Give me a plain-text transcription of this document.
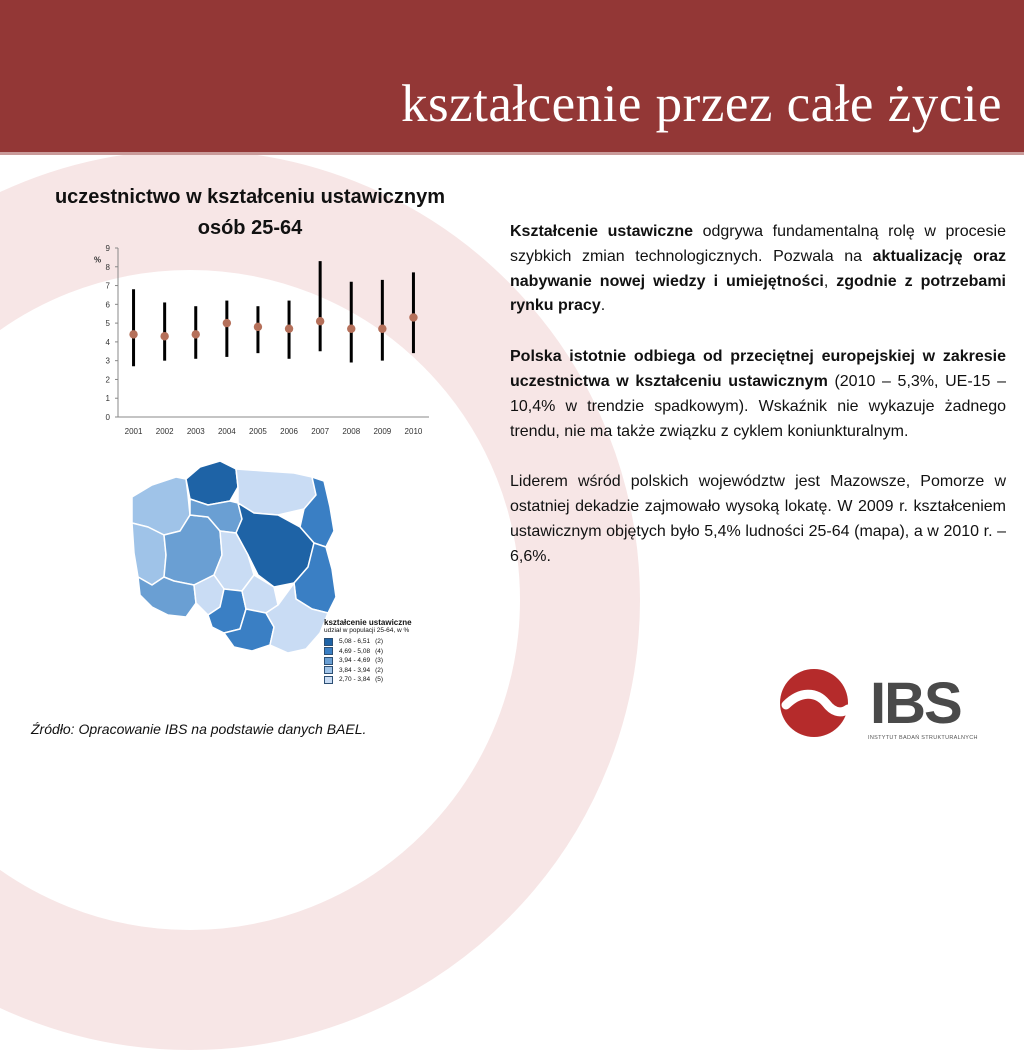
kształcenie przez całe życie
uczestnictwo w kształceniu ustawicznym
osób 25-64
0
1
2
3
4
5
6
7
8
9
%
2001 2002 2003 2004 2005 2006 2007 2008 2009 2010
kształcenie ustawiczne
udział w populacji 25-64, w %
5,08 - 6,51 (2)
4,69 - 5,08 (4)
3,94 - 4,69 (3)
3,84 - 3,94 (2)
2,70 - 3,84 (5)
Źródło: Opracowanie IBS na podstawie danych BAEL.

Kształcenie ustawiczne odgrywa fundamentalną rolę w procesie szybkich zmian technologicznych. Pozwala na aktualizację oraz nabywanie nowej wiedzy i umiejętności, zgodnie z potrzebami rynku pracy.

Polska istotnie odbiega od przeciętnej europejskiej w zakresie uczestnictwa w kształceniu ustawicznym (2010 – 5,3%, UE-15 – 10,4% w trendzie spadkowym). Wskaźnik nie wykazuje żadnego trendu, nie ma także związku z cyklem koniunkturalnym.

Liderem wśród polskich województw jest Mazowsze, Pomorze w ostatniej dekadzie zajmowało wysoką lokatę. W 2009 r. kształceniem ustawicznym objętych było 5,4% ludności 25-64 (mapa), a w 2010 r. – 6,6%.

IBS
INSTYTUT BADAŃ STRUKTURALNYCH
